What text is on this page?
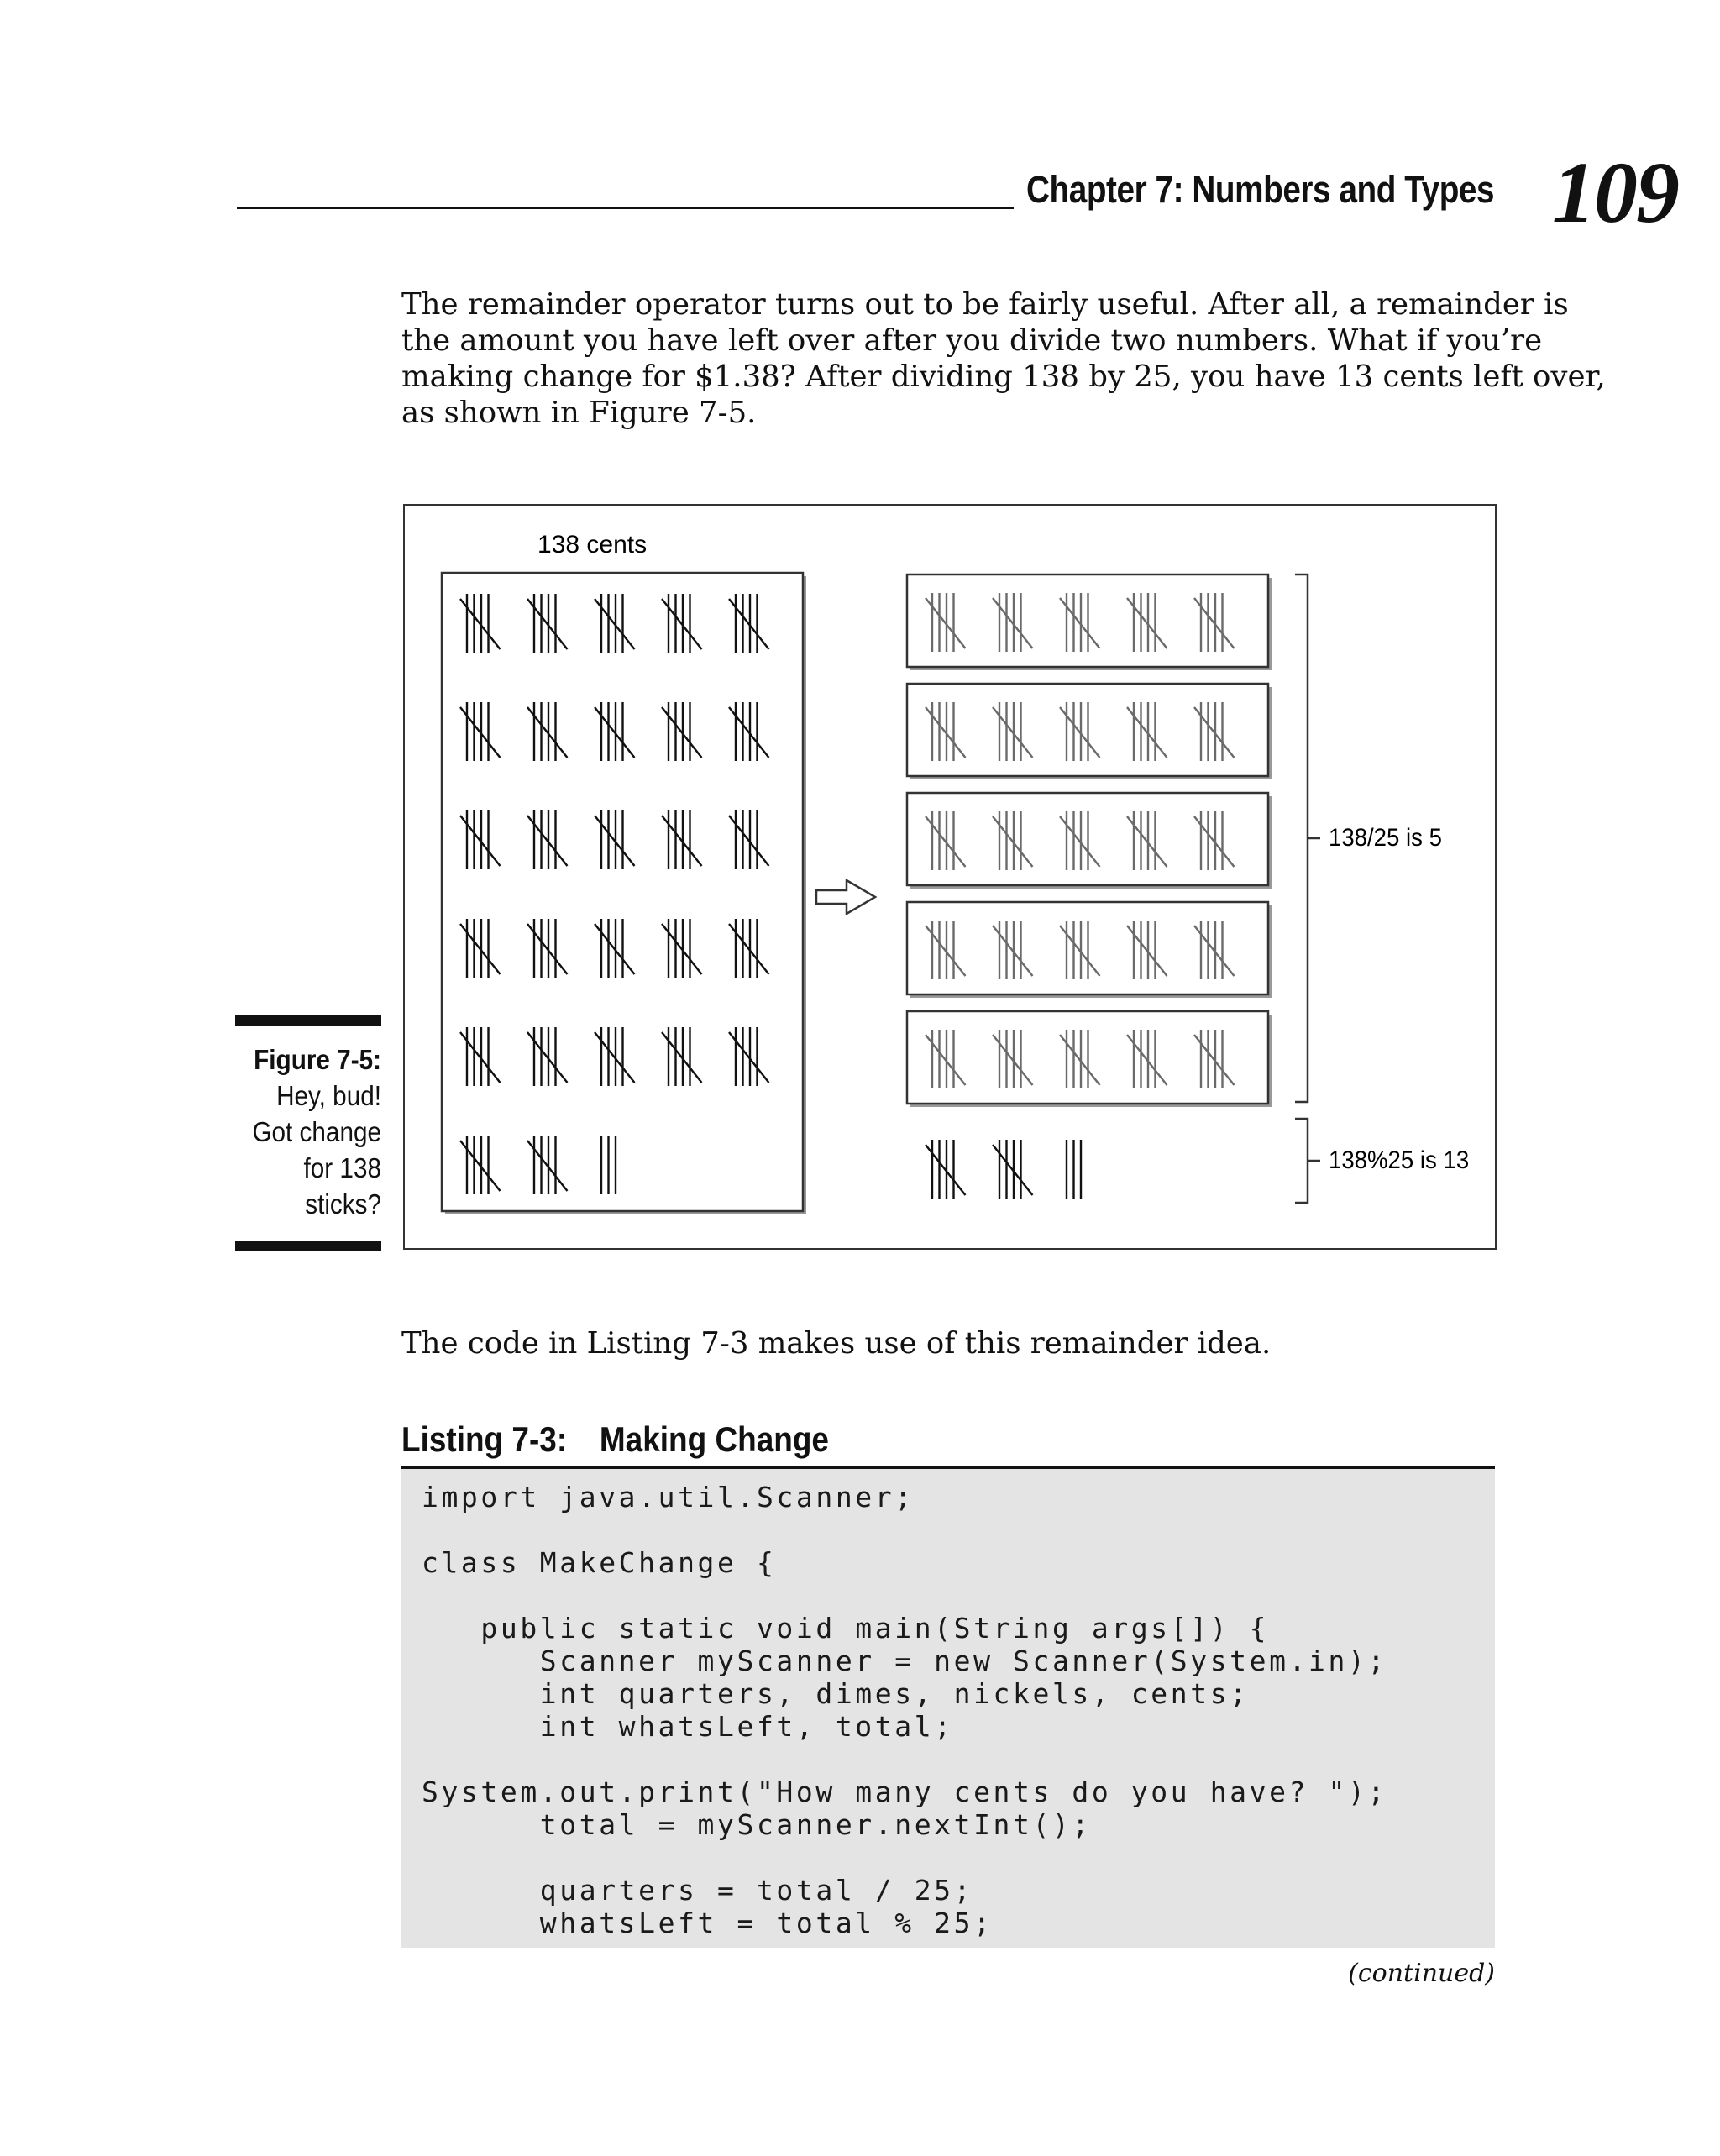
Chapter 7: Numbers and Types 109

The remainder operator turns out to be fairly useful. After all, a remainder is
the amount you have left over after you divide two numbers. What if you’re
making change for $1.38? After dividing 138 by 25, you have 13 cents left over,
as shown in Figure 7-5.

138 cents
138/25 is 5
138%25 is 13
Figure 7-5:
Hey, bud!
Got change
for 138
sticks?

The code in Listing 7-3 makes use of this remainder idea.

Listing 7-3: Making Change
import java.util.Scanner;
class MakeChange {
public static void main(String args[]) {
Scanner myScanner = new Scanner(System.in);
int quarters, dimes, nickels, cents;
int whatsLeft, total;
System.out.print("How many cents do you have? ");
total = myScanner.nextInt();
quarters = total / 25;
whatsLeft = total % 25;
(continued)
